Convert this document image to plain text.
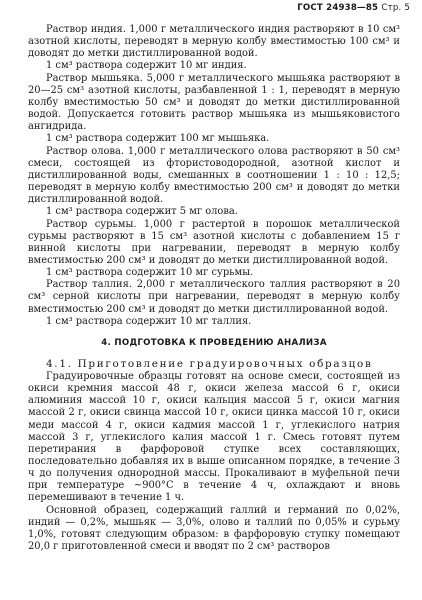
ГОСТ 24938—85 Стр. 5

Раствор индия. 1,000 г металлического индия растворяют в 10 см³ азотной кислоты, переводят в мерную колбу вместимостью 100 см³ и доводят до метки дистиллированной водой.

1 см³ раствора содержит 10 мг индия.

Раствор мышьяка. 5,000 г металлического мышьяка растворяют в 20—25 см³ азотной кислоты, разбавленной 1 : 1, переводят в мерную колбу вместимостью 50 см³ и доводят до метки дистиллированной водой. Допускается готовить раствор мышьяка из мышьяковистого ангидрида.

1 см³ раствора содержит 100 мг мышьяка.

Раствор олова. 1,000 г металлического олова растворяют в 50 см³ смеси, состоящей из фтористоводородной, азотной кислот и дистиллированной воды, смешанных в соотношении 1 : 10 : 12,5; переводят в мерную колбу вместимостью 200 см³ и доводят до метки дистиллированной водой.

1 см³ раствора содержит 5 мг олова.

Раствор сурьмы. 1,000 г растертой в порошок металлической сурьмы растворяют в 15 см³ азотной кислоты с добавлением 15 г винной кислоты при нагревании, переводят в мерную колбу вместимостью 200 см³ и доводят до метки дистиллированной водой.

1 см³ раствора содержит 10 мг сурьмы.

Раствор таллия. 2,000 г металлического таллия растворяют в 20 см³ серной кислоты при нагревании, переводят в мерную колбу вместимостью 200 см³ и доводят до метки дистиллированной водой.

1 см³ раствора содержит 10 мг таллия.

4. ПОДГОТОВКА К ПРОВЕДЕНИЮ АНАЛИЗА

4.1. Приготовление градуировочных образцов

Градуировочные образцы готовят на основе смеси, состоящей из окиси кремния массой 48 г, окиси железа массой 6 г, окиси алюминия массой 10 г, окиси кальция массой 5 г, окиси магния массой 2 г, окиси свинца массой 10 г, окиси цинка массой 10 г, окиси меди массой 4 г, окиси кадмия массой 1 г, углекислого натрия массой 3 г, углекислого калия массой 1 г. Смесь готовят путем перетирания в фарфоровой ступке всех составляющих, последовательно добавляя их в выше описанном порядке, в течение 3 ч до получения однородной массы. Прокаливают в муфельной печи при температуре ~900°С в течение 4 ч, охлаждают и вновь перемешивают в течение 1 ч.

Основной образец, содержащий галлий и германий по 0,02%, индий — 0,2%, мышьяк — 3,0%, олово и таллий по 0,05% и сурьму 1,0%, готовят следующим образом: в фарфоровую ступку помещают 20,0 г приготовленной смеси и вводят по 2 см³ растворов
